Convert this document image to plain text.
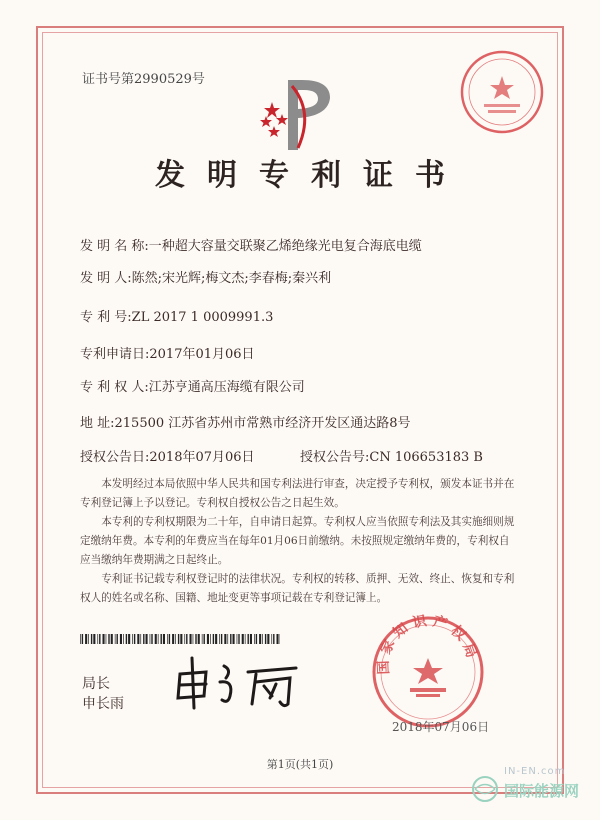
证书号第2990529号
发明专利证书
发 明 名 称:一种超大容量交联聚乙烯绝缘光电复合海底电缆
发 明 人:陈然;宋光辉;梅文杰;李春梅;秦兴利
专 利 号:ZL 2017 1 0009991.3
专利申请日:2017年01月06日
专 利 权 人:江苏亨通高压海缆有限公司
地 址:215500 江苏省苏州市常熟市经济开发区通达路8号
授权公告日:2018年07月06日	授权公告号:CN 106653183 B

本发明经过本局依照中华人民共和国专利法进行审查，决定授予专利权，颁发本证书并在专利登记簿上予以登记。专利权自授权公告之日起生效。

本专利的专利权期限为二十年，自申请日起算。专利权人应当依照专利法及其实施细则规定缴纳年费。本专利的年费应当在每年01月06日前缴纳。未按照规定缴纳年费的，专利权自应当缴纳年费期满之日起终止。

专利证书记载专利权登记时的法律状况。专利权的转移、质押、无效、终止、恢复和专利权人的姓名或名称、国籍、地址变更等事项记载在专利登记簿上。

局长
申长雨
国 家 知 识 产 权 局
2018年07月06日
第1页(共1页)
IN-EN.com
国际能源网
